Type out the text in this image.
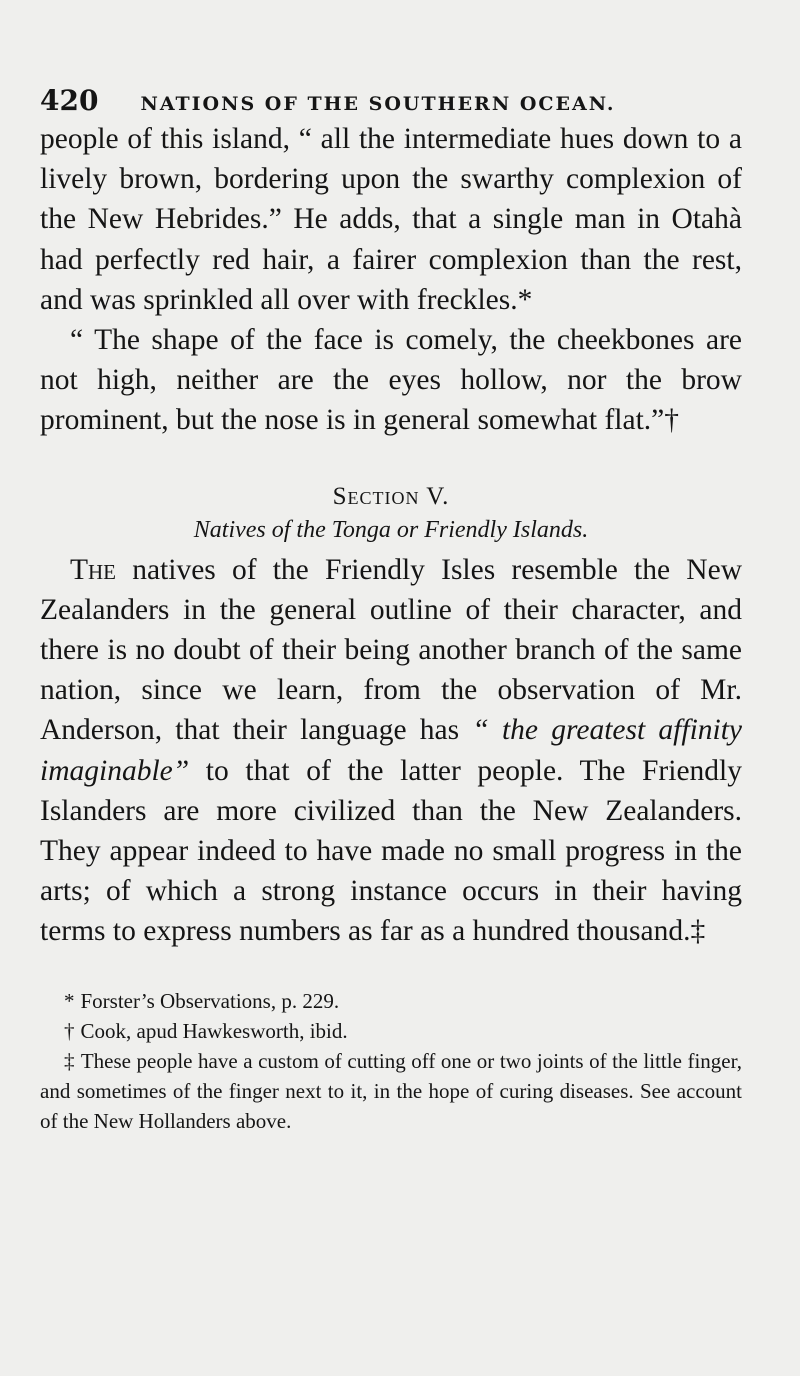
420 NATIONS OF THE SOUTHERN OCEAN.

people of this island, “ all the intermediate hues down to a lively brown, bordering upon the swarthy complexion of the New Hebrides.” He adds, that a single man in Otahà had perfectly red hair, a fairer complexion than the rest, and was sprinkled all over with freckles.*

“ The shape of the face is comely, the cheekbones are not high, neither are the eyes hollow, nor the brow prominent, but the nose is in general somewhat flat.”†

Section V.
Natives of the Tonga or Friendly Islands.

The natives of the Friendly Isles resemble the New Zealanders in the general outline of their character, and there is no doubt of their being another branch of the same nation, since we learn, from the observation of Mr. Anderson, that their language has “ the greatest affinity imaginable” to that of the latter people. The Friendly Islanders are more civilized than the New Zealanders. They appear indeed to have made no small progress in the arts; of which a strong instance occurs in their having terms to express numbers as far as a hundred thousand.‡

* Forster’s Observations, p. 229.

† Cook, apud Hawkesworth, ibid.

‡ These people have a custom of cutting off one or two joints of the little finger, and sometimes of the finger next to it, in the hope of curing diseases. See account of the New Hollanders above.
